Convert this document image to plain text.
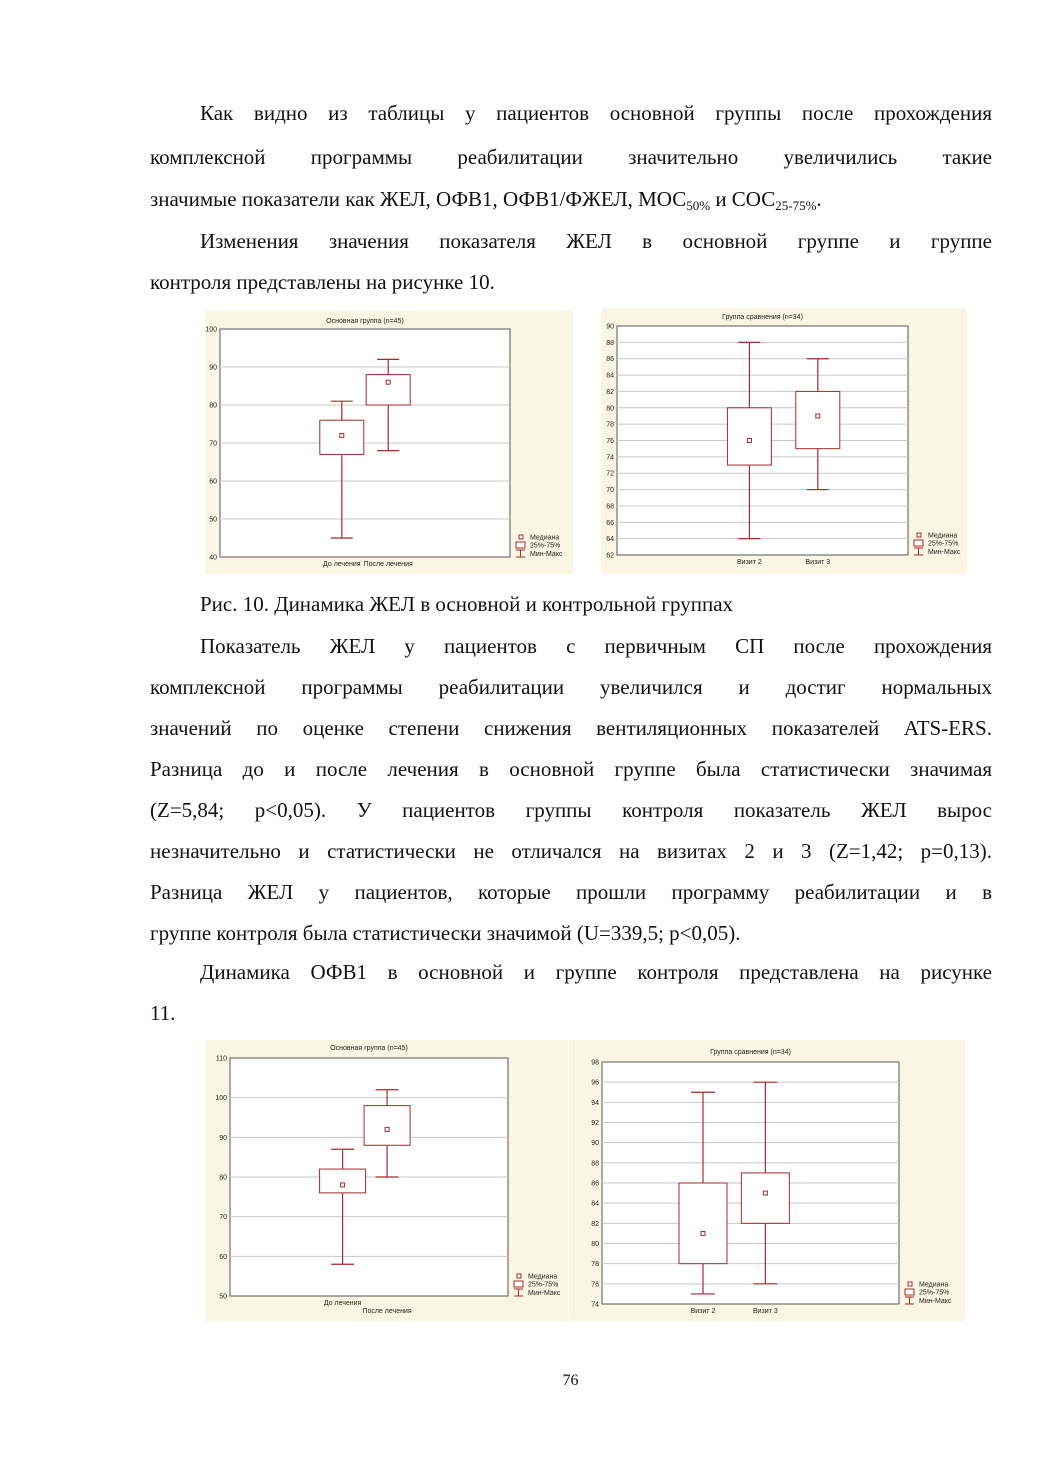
Как видно из таблицы у пациентов основной группы после прохождения
комплексной программы реабилитации значительно увеличились такие
значимые показатели как ЖЕЛ, ОФВ1, ОФВ1/ФЖЕЛ, $МОС_{50\%}$ и $СОС_{25-75\%}$.
Изменения значения показателя ЖЕЛ в основной группе и группе
контроля представлены на рисунке 10.
40
50
60
70
80
90
100
Основная группа (n=45)
До лечения После лечения
Медиана
25%-75%
Мин-Макс	62
64
66
68
70
72
74
76
78
80
82
84
86
88
90
Группа сравнения (n=34)
Визит 2	Визит 3
Медиана
25%-75%
Мин-Макс
Рис. 10. Динамика ЖЕЛ в основной и контрольной группах
Показатель ЖЕЛ у пациентов с первичным СП после прохождения
комплексной программы реабилитации увеличился и достиг нормальных
значений по оценке степени снижения вентиляционных показателей ATS-ERS.
Разница до и после лечения в основной группе была статистически значимая
(Z=5,84; p<0,05). У пациентов группы контроля показатель ЖЕЛ вырос
незначительно и статистически не отличался на визитах 2 и 3 (Z=1,42; p=0,13).
Разница ЖЕЛ у пациентов, которые прошли программу реабилитации и в
группе контроля была статистически значимой (U=339,5; p<0,05).
Динамика ОФВ1 в основной и группе контроля представлена на рисунке
11.
50
60
70
80
90
100
110
Основная группа (n=45)
До лечения
После лечения
Медиана
25%-75%
Мин-Макс
74
76
78
80
82
84
86
88
90
92
94
96
98
Группа сравнения (n=34)
Визит 2	Визит 3
Медиана
25%-75%
Мин-Макс
76
